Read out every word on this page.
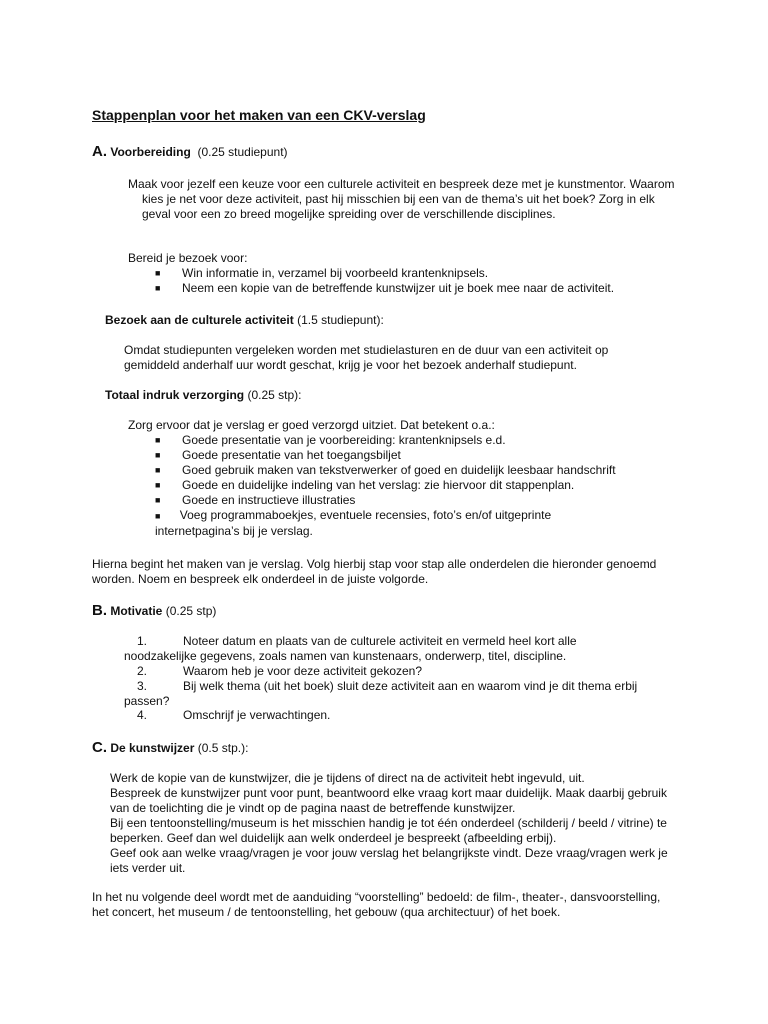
Stappenplan voor het maken van een CKV-verslag
A. Voorbereiding (0.25 studiepunt)

Maak voor jezelf een keuze voor een culturele activiteit en bespreek deze met je kunstmentor. Waarom kies je net voor deze activiteit, past hij misschien bij een van de thema’s uit het boek? Zorg in elk geval voor een zo breed mogelijke spreiding over de verschillende disciplines.

Bereid je bezoek voor:

■ Win informatie in, verzamel bij voorbeeld krantenknipsels.
■ Neem een kopie van de betreffende kunstwijzer uit je boek mee naar de activiteit.
Bezoek aan de culturele activiteit (1.5 studiepunt):

Omdat studiepunten vergeleken worden met studielasturen en de duur van een activiteit op gemiddeld anderhalf uur wordt geschat, krijg je voor het bezoek anderhalf studiepunt.

Totaal indruk verzorging (0.25 stp):

Zorg ervoor dat je verslag er goed verzorgd uitziet. Dat betekent o.a.:

■ Goede presentatie van je voorbereiding: krantenknipsels e.d.
■ Goede presentatie van het toegangsbiljet
■ Goed gebruik maken van tekstverwerker of goed en duidelijk leesbaar handschrift
■ Goede en duidelijke indeling van het verslag: zie hiervoor dit stappenplan.
■ Goede en instructieve illustraties
■ Voeg programmaboekjes, eventuele recensies, foto’s en/of uitgeprinte
internetpagina’s bij je verslag.

Hierna begint het maken van je verslag. Volg hierbij stap voor stap alle onderdelen die hieronder genoemd worden. Noem en bespreek elk onderdeel in de juiste volgorde.

B. Motivatie (0.25 stp)
1.	Noteer datum en plaats van de culturele activiteit en vermeld heel kort alle
noodzakelijke gegevens, zoals namen van kunstenaars, onderwerp, titel, discipline.
2.	Waarom heb je voor deze activiteit gekozen?
3.	Bij welk thema (uit het boek) sluit deze activiteit aan en waarom vind je dit thema erbij
passen?
4.	Omschrijf je verwachtingen.
C. De kunstwijzer (0.5 stp.):

Werk de kopie van de kunstwijzer, die je tijdens of direct na de activiteit hebt ingevuld, uit.

Bespreek de kunstwijzer punt voor punt, beantwoord elke vraag kort maar duidelijk. Maak daarbij gebruik van de toelichting die je vindt op de pagina naast de betreffende kunstwijzer.

Bij een tentoonstelling/museum is het misschien handig je tot één onderdeel (schilderij / beeld / vitrine) te beperken. Geef dan wel duidelijk aan welk onderdeel je bespreekt (afbeelding erbij).

Geef ook aan welke vraag/vragen je voor jouw verslag het belangrijkste vindt. Deze vraag/vragen werk je iets verder uit.

In het nu volgende deel wordt met de aanduiding “voorstelling” bedoeld: de film-, theater-, dansvoorstelling, het concert, het museum / de tentoonstelling, het gebouw (qua architectuur) of het boek.
